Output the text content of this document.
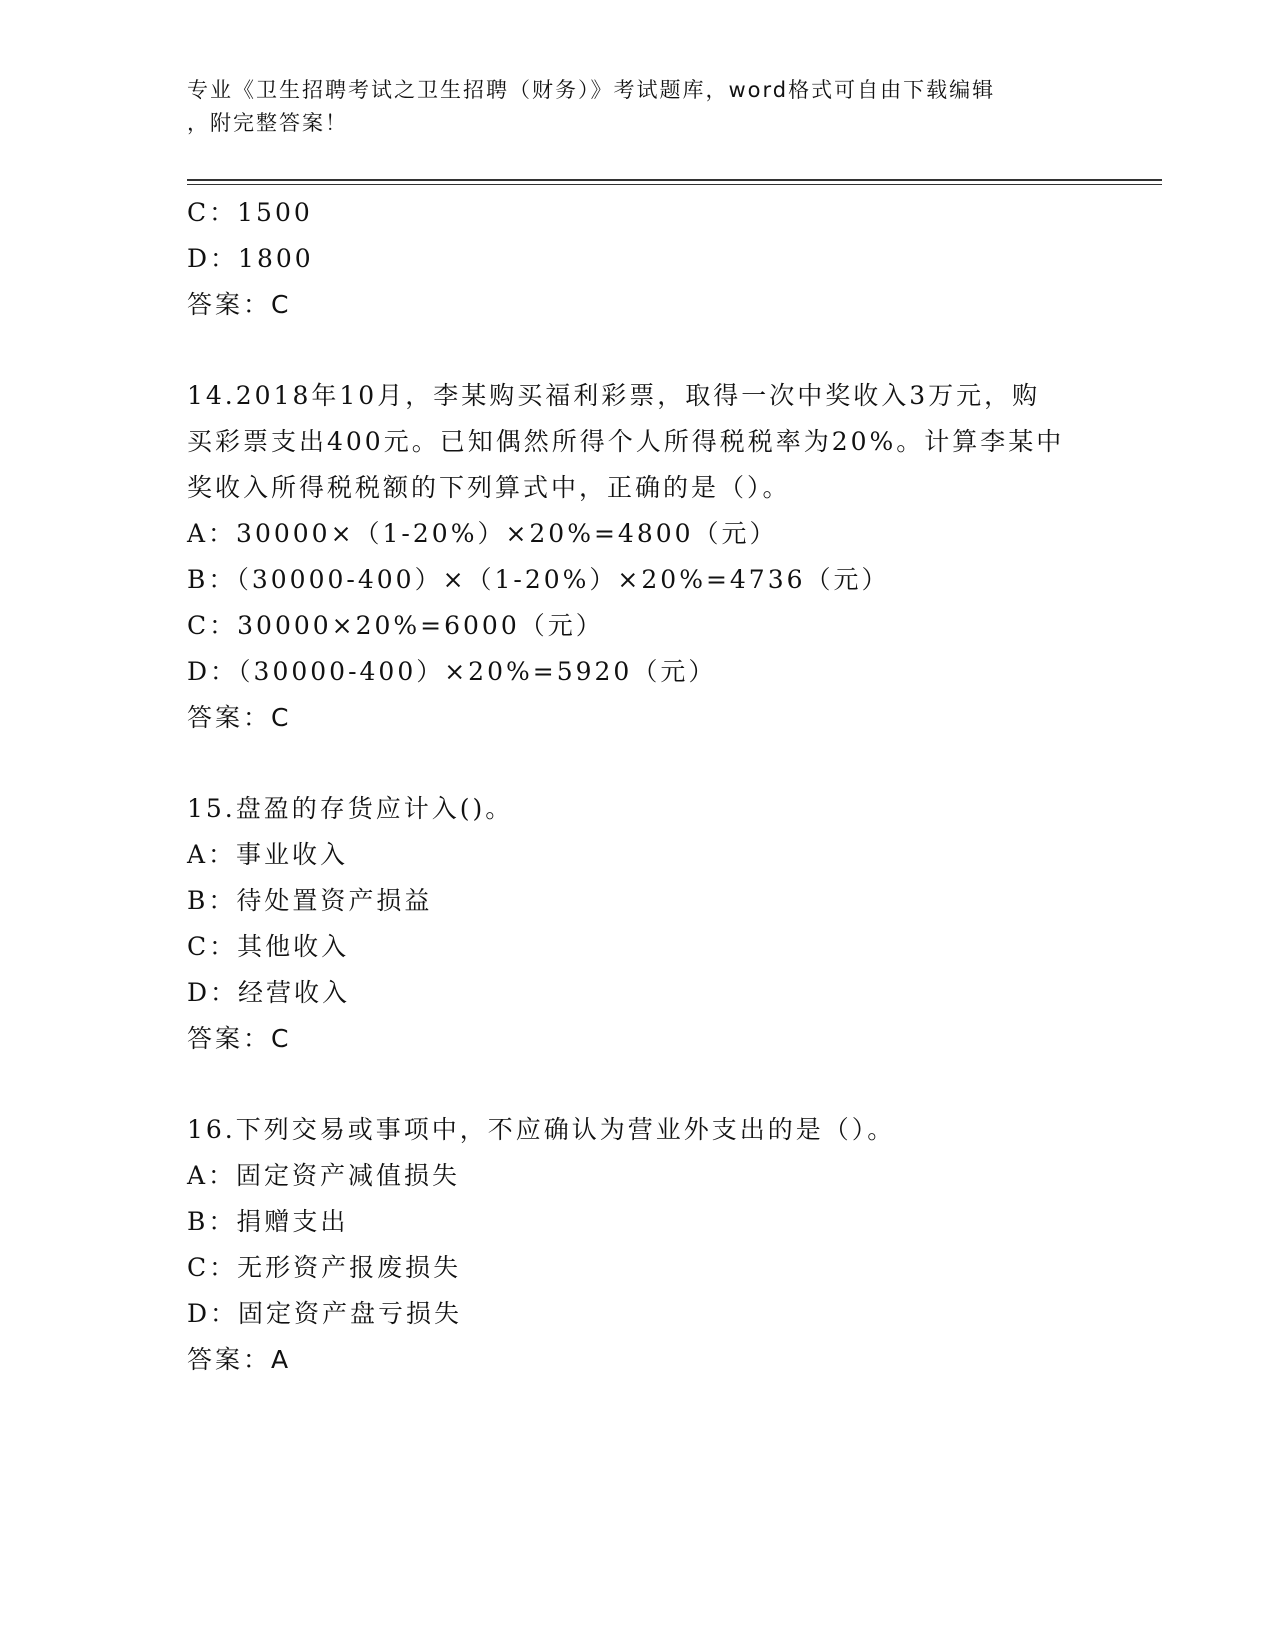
专业《卫生招聘考试之卫生招聘（财务）》考试题库，word格式可自由下载编辑
，附完整答案！
C：1500
D：1800
答案：C
14.2018年10月，李某购买福利彩票，取得一次中奖收入3万元，购
买彩票支出400元。已知偶然所得个人所得税税率为20%。计算李某中
奖收入所得税税额的下列算式中，正确的是（）。
A：30000×（1-20%）×20%=4800（元）
B：（30000-400）×（1-20%）×20%=4736（元）
C：30000×20%=6000（元）
D：（30000-400）×20%=5920（元）
答案：C
15.盘盈的存货应计入()。
A：事业收入
B：待处置资产损益
C：其他收入
D：经营收入
答案：C
16.下列交易或事项中，不应确认为营业外支出的是（）。
A：固定资产减值损失
B：捐赠支出
C：无形资产报废损失
D：固定资产盘亏损失
答案：A
